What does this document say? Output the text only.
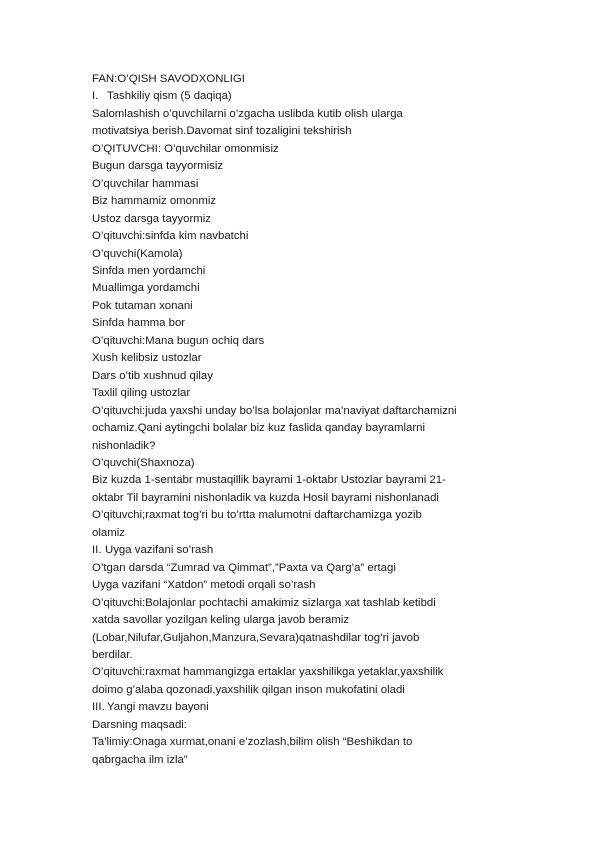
FAN:O’QISH SAVODXONLIGI
I. Tashkiliy qism (5 daqiqa)
Salomlashish o’quvchilarni o’zgacha uslibda kutib olish ularga
motivatsiya berish.Davomat sinf tozaligini tekshirish
O’QITUVCHI: O’quvchilar omonmisiz
Bugun darsga tayyormisiz
O’quvchilar hammasi
Biz hammamiz omonmiz
Ustoz darsga tayyormiz
O’qituvchi:sinfda kim navbatchi
O’quvchi(Kamola)
Sinfda men yordamchi
Muallimga yordamchi
Pok tutaman xonani
Sinfda hamma bor
O’qituvchi:Mana bugun ochiq dars
Xush kelibsiz ustozlar
Dars o’tib xushnud qilay
Taxlil qiling ustozlar
O’qituvchi:juda yaxshi unday bo’lsa bolajonlar ma’naviyat daftarchamizni
ochamiz.Qani aytingchi bolalar biz kuz faslida qanday bayramlarni
nishonladik?
O’quvchi(Shaxnoza)
Biz kuzda 1-sentabr mustaqillik bayrami 1-oktabr Ustozlar bayrami 21-
oktabr Til bayramini nishonladik va kuzda Hosil bayrami nishonlanadi
O’qituvchi;raxmat tog’ri bu to’rtta malumotni daftarchamizga yozib
olamiz
II. Uyga vazifani so’rash
O’tgan darsda “Zumrad va Qimmat”,”Paxta va Qarg’a” ertagi
Uyga vazifani “Xatdon” metodi orqali so’rash
O’qituvchi:Bolajonlar pochtachi amakimiz sizlarga xat tashlab ketibdi
xatda savollar yozilgan keling ularga javob beramiz
(Lobar,Nilufar,Guljahon,Manzura,Sevara)qatnashdilar tog’ri javob
berdilar.
O’qituvchi:raxmat hammangizga ertaklar yaxshilikga yetaklar,yaxshilik
doimo g’alaba qozonadi,yaxshilik qilgan inson mukofatini oladi
III. Yangi mavzu bayoni
Darsning maqsadi:
Ta’limiy:Onaga xurmat,onani e’zozlash,bilim olish “Beshikdan to
qabrgacha ilm izla”
